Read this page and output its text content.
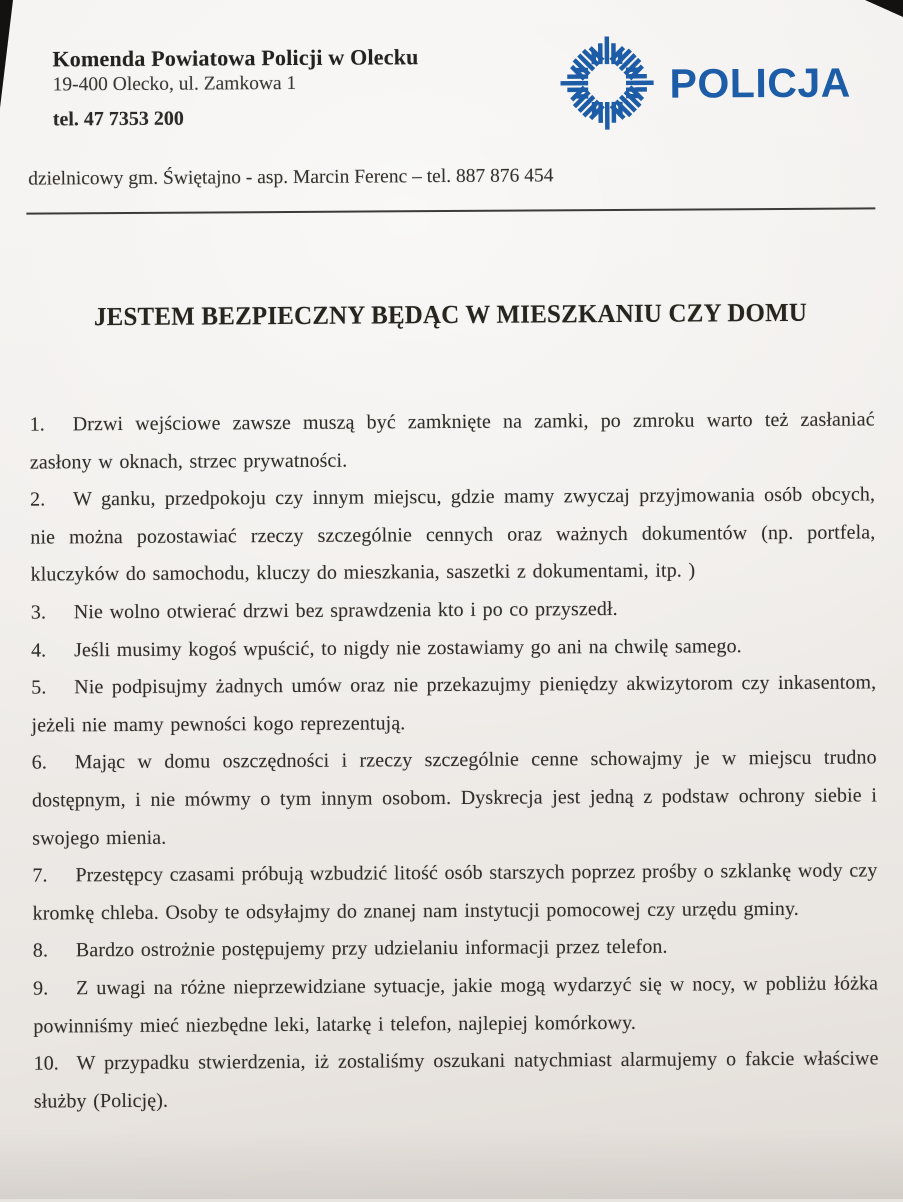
Komenda Powiatowa Policji w Olecku
19-400 Olecko, ul. Zamkowa 1
tel. 47 7353 200
POLICJA
dzielnicowy gm. Świętajno - asp. Marcin Ferenc – tel. 887 876 454
JESTEM BEZPIECZNY BĘDĄC W MIESZKANIU CZY DOMU

1. Drzwi wejściowe zawsze muszą być zamknięte na zamki, po zmroku warto też zasłaniać zasłony w oknach, strzec prywatności.

2. W ganku, przedpokoju czy innym miejscu, gdzie mamy zwyczaj przyjmowania osób obcych, nie można pozostawiać rzeczy szczególnie cennych oraz ważnych dokumentów (np. portfela, kluczyków do samochodu, kluczy do mieszkania, saszetki z dokumentami, itp. )

3. Nie wolno otwierać drzwi bez sprawdzenia kto i po co przyszedł.

4. Jeśli musimy kogoś wpuścić, to nigdy nie zostawiamy go ani na chwilę samego.

5. Nie podpisujmy żadnych umów oraz nie przekazujmy pieniędzy akwizytorom czy inkasentom, jeżeli nie mamy pewności kogo reprezentują.

6. Mając w domu oszczędności i rzeczy szczególnie cenne schowajmy je w miejscu trudno dostępnym, i nie mówmy o tym innym osobom. Dyskrecja jest jedną z podstaw ochrony siebie i swojego mienia.

7. Przestępcy czasami próbują wzbudzić litość osób starszych poprzez prośby o szklankę wody czy kromkę chleba. Osoby te odsyłajmy do znanej nam instytucji pomocowej czy urzędu gminy.

8. Bardzo ostrożnie postępujemy przy udzielaniu informacji przez telefon.

9. Z uwagi na różne nieprzewidziane sytuacje, jakie mogą wydarzyć się w nocy, w pobliżu łóżka powinniśmy mieć niezbędne leki, latarkę i telefon, najlepiej komórkowy.

10. W przypadku stwierdzenia, iż zostaliśmy oszukani natychmiast alarmujemy o fakcie właściwe służby (Policję).
